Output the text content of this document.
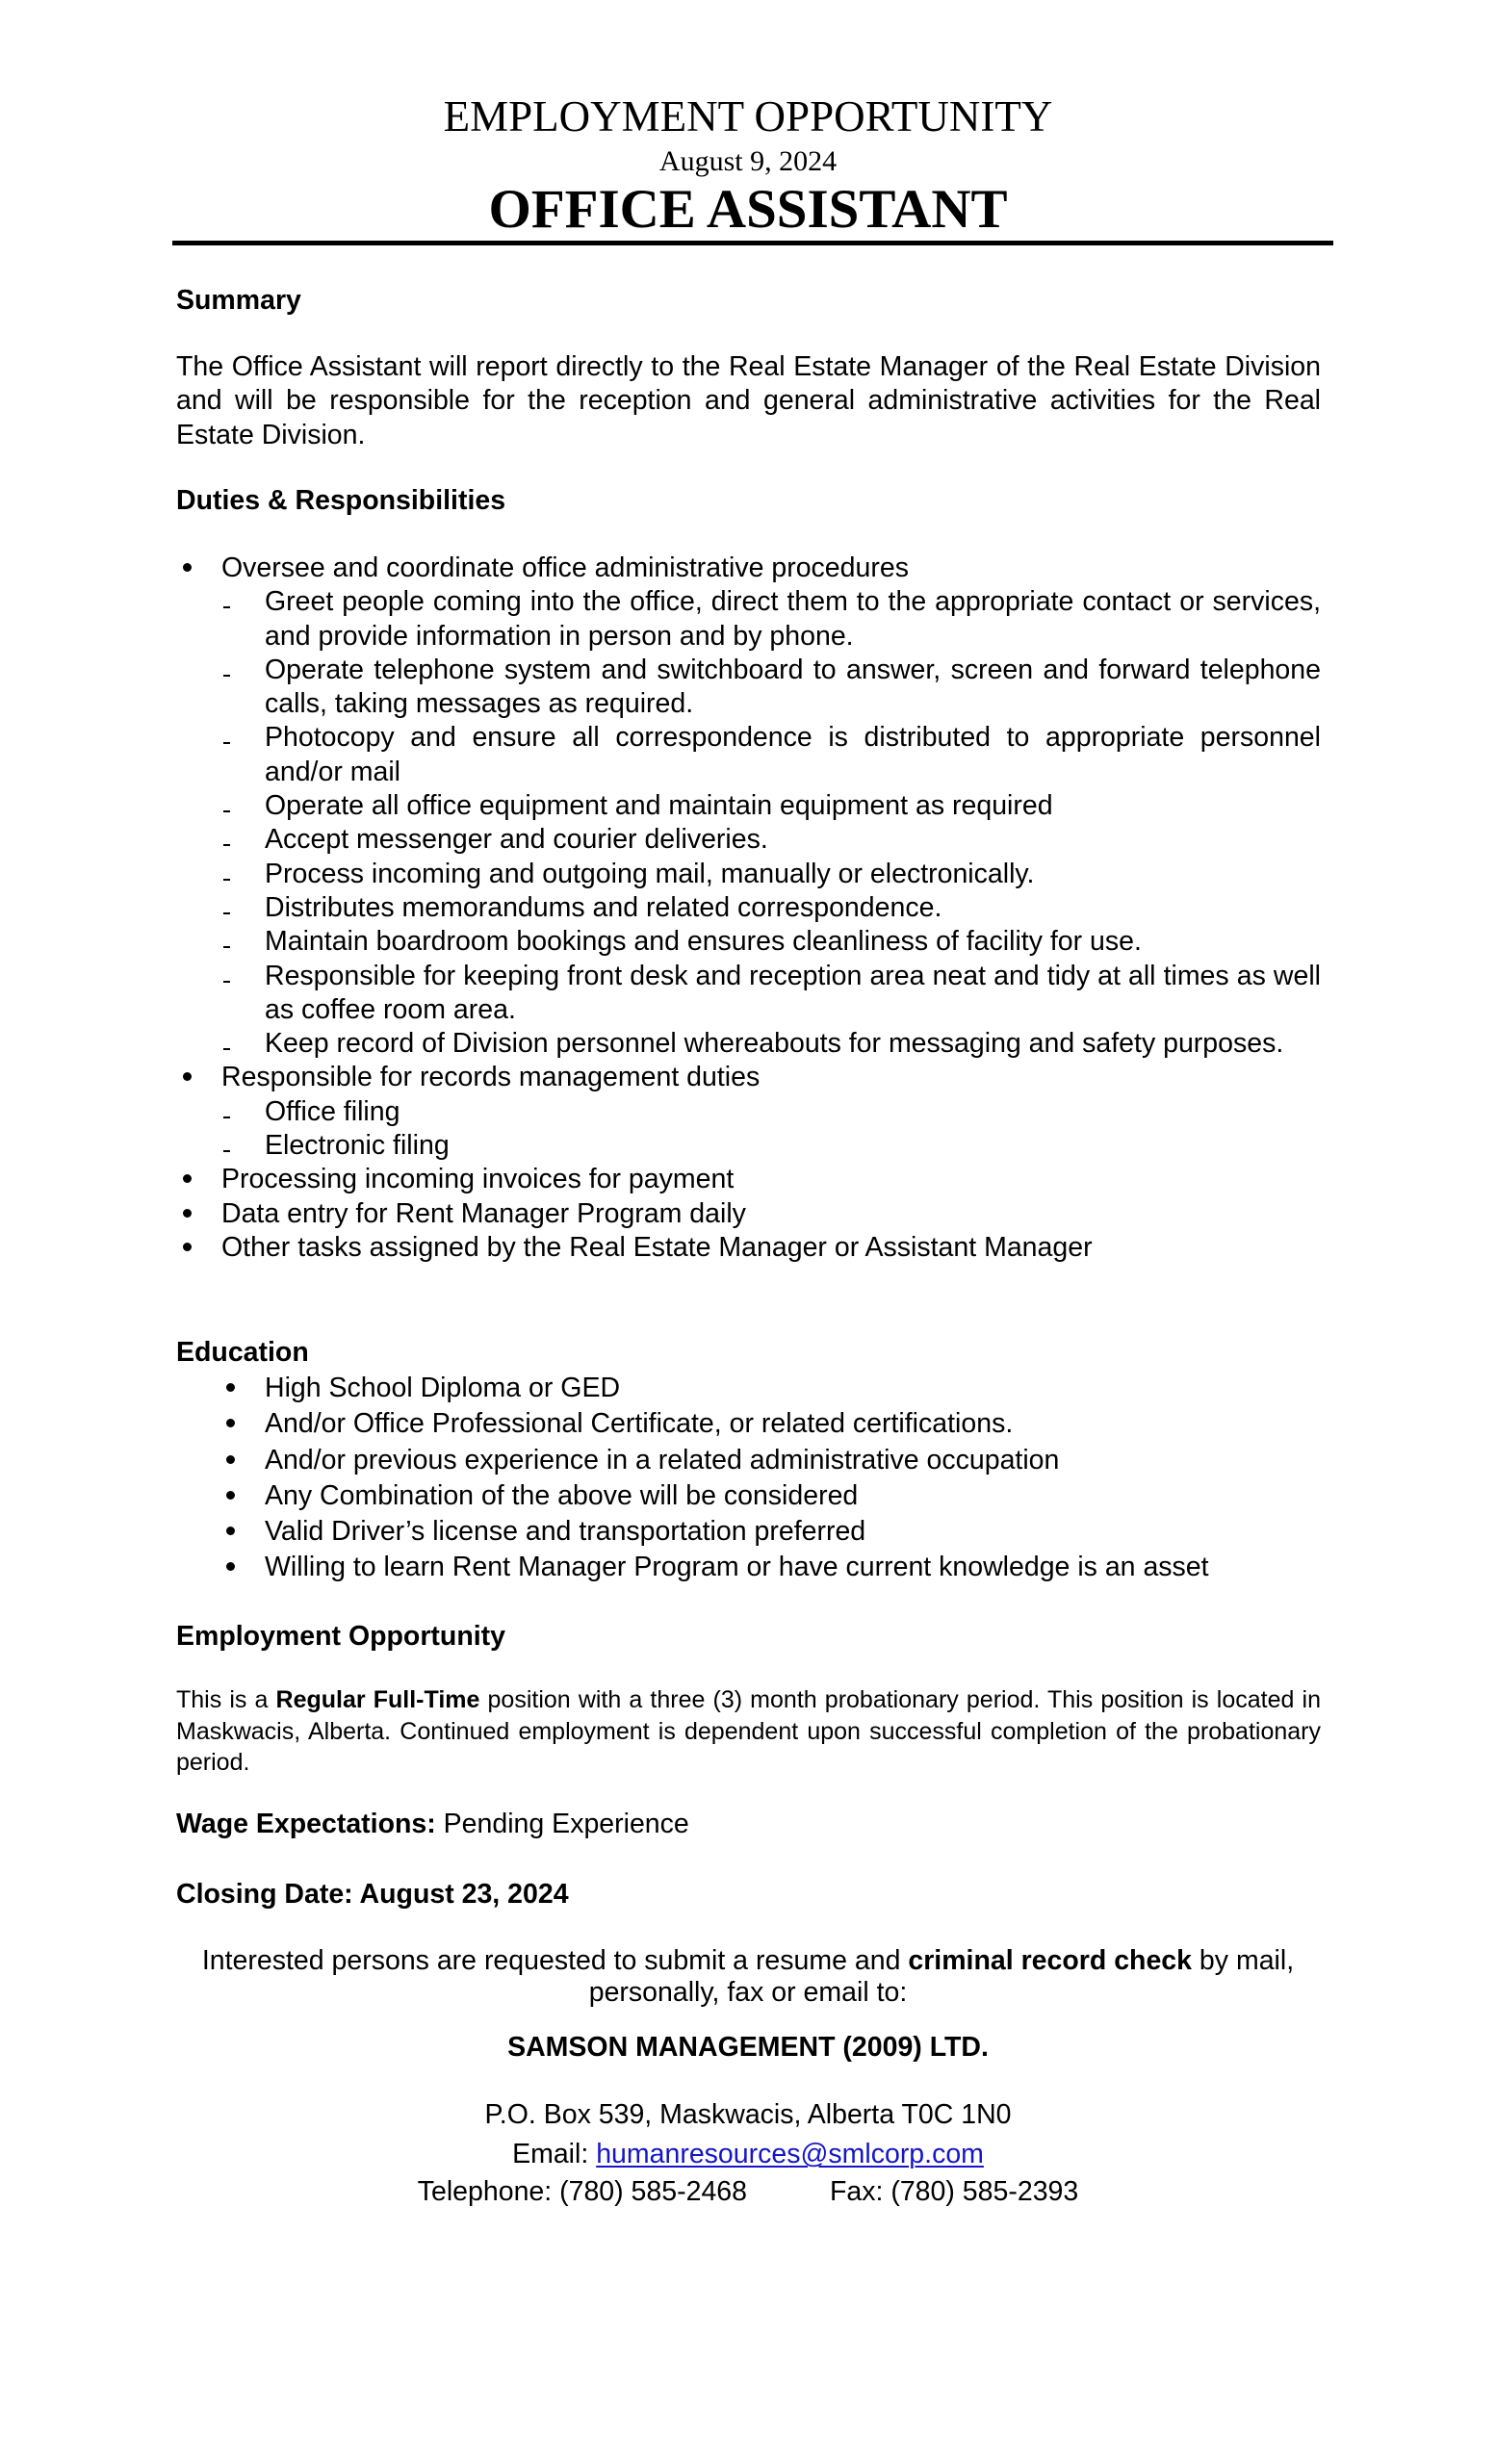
EMPLOYMENT OPPORTUNITY
August 9, 2024
OFFICE ASSISTANT
Summary
The Office Assistant will report directly to the Real Estate Manager of the Real Estate Division and will be responsible for the reception and general administrative activities for the Real Estate Division.
Duties & Responsibilities
Oversee and coordinate office administrative procedures
Greet people coming into the office, direct them to the appropriate contact or services, and provide information in person and by phone.
Operate telephone system and switchboard to answer, screen and forward telephone calls, taking messages as required.
Photocopy and ensure all correspondence is distributed to appropriate personnel and/or mail
Operate all office equipment and maintain equipment as required
Accept messenger and courier deliveries.
Process incoming and outgoing mail, manually or electronically.
Distributes memorandums and related correspondence.
Maintain boardroom bookings and ensures cleanliness of facility for use.
Responsible for keeping front desk and reception area neat and tidy at all times as well as coffee room area.
Keep record of Division personnel whereabouts for messaging and safety purposes.
Responsible for records management duties
Office filing
Electronic filing
Processing incoming invoices for payment
Data entry for Rent Manager Program daily
Other tasks assigned by the Real Estate Manager or Assistant Manager
Education
High School Diploma or GED
And/or Office Professional Certificate, or related certifications.
And/or previous experience in a related administrative occupation
Any Combination of the above will be considered
Valid Driver’s license and transportation preferred
Willing to learn Rent Manager Program or have current knowledge is an asset
Employment Opportunity
This is a Regular Full-Time position with a three (3) month probationary period. This position is located in Maskwacis, Alberta. Continued employment is dependent upon successful completion of the probationary period.
Wage Expectations: Pending Experience
Closing Date: August 23, 2024
Interested persons are requested to submit a resume and criminal record check by mail,
personally, fax or email to:
SAMSON MANAGEMENT (2009) LTD.
P.O. Box 539, Maskwacis, Alberta T0C 1N0
Email: humanresources@smlcorp.com
Telephone: (780) 585-2468	Fax: (780) 585-2393
